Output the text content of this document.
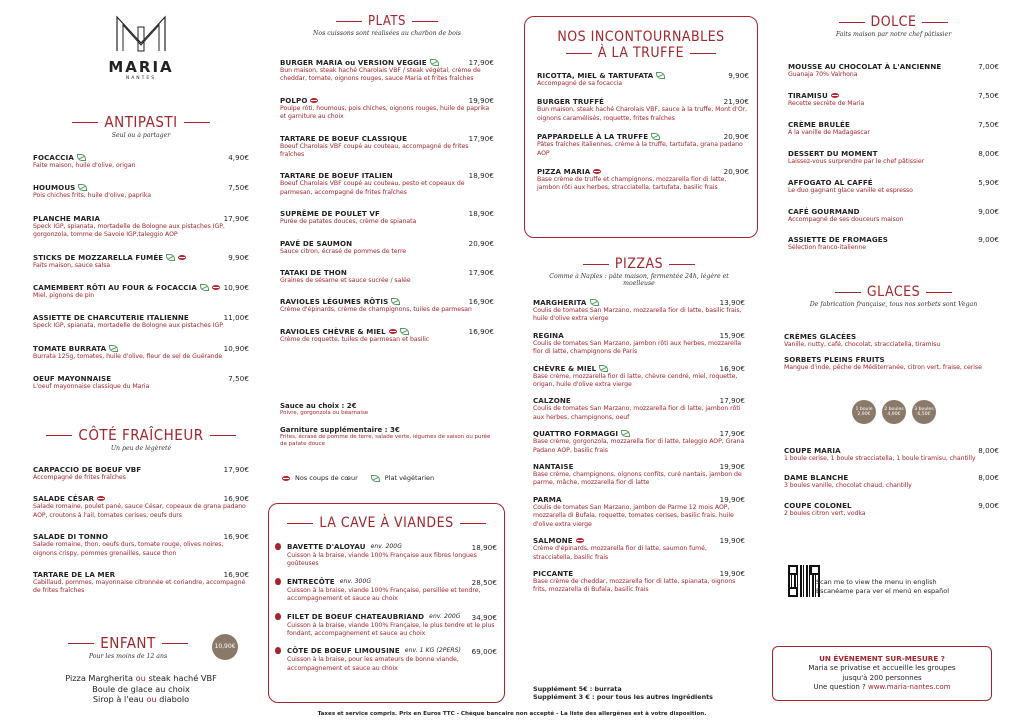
MARIA
NANTES
ANTIPASTI
Seul ou à partager
FOCACCIA	4,90€
Faite maison, huile d'olive, origan
HOUMOUS	7,50€
Pois chiches frits, huile d'olive, paprika
PLANCHE MARIA	17,90€
Speck IGP, spianata, mortadelle de Bologne aux pistaches IGP, gorgonzola, tomme de Savoie IGP,taleggio AOP
STICKS DE MOZZARELLA FUMÉE	9,90€
Faits maison, sauce salsa
CAMEMBERT RÔTI AU FOUR & FOCACCIA	10,90€
Miel, pignons de pin
ASSIETTE DE CHARCUTERIE ITALIENNE	11,00€
Speck IGP, spianata, mortadelle de Bologne aux pistaches IGP
TOMATE BURRATA	10,90€
Burrata 125g, tomates, huile d'olive, fleur de sel de Guérande
OEUF MAYONNAISE	7,50€
L'oeuf mayonnaise classique du Maria
CÔTÉ FRAÎCHEUR
Un peu de légèreté
CARPACCIO DE BOEUF VBF	17,90€
Accompagné de frites fraîches
SALADE CÉSAR	16,90€
Salade romaine, poulet pané, sauce César, copeaux de grana padano AOP, croutons à l'ail, tomates cerises, oeufs durs
SALADE DI TONNO	16,90€
Salade romaine, thon, oeufs durs, tomate rouge, olives noires, oignons crispy, pommes grenailles, sauce thon
TARTARE DE LA MER	16,90€
Cabillaud, pommes, mayonnaise citronnée et coriandre, accompagné de frites fraîches
ENFANT
Pour les moins de 12 ans
10,90€
Pizza Margherita ou steak haché VBF
Boule de glace au choix
Sirop à l'eau ou diabolo
PLATS
Nos cuissons sont réalisées au charbon de bois
BURGER MARIA ou VERSION VEGGIE	17,90€
Bun maison, steak haché Charolais VBF / steak végétal, crème de cheddar, tomate, oignons rouges, sauce Maria et frites fraîches
POLPO	19,90€
Poulpe rôti, houmous, pois chiches, oignons rouges, huile de paprika et garniture au choix
TARTARE DE BOEUF CLASSIQUE	17,90€
Boeuf Charolais VBF coupé au couteau, accompagné de frites fraîches
TARTARE DE BOEUF ITALIEN	18,90€
Boeuf Charolais VBF coupé au couteau, pesto et copeaux de parmesan, accompagné de frites fraîches
SUPRÊME DE POULET VF	18,90€
Purée de patates douces, crème de spianata
PAVÉ DE SAUMON	20,90€
Sauce citron, écrasé de pommes de terre
TATAKI DE THON	17,90€
Graines de sésame et sauce sucrée / salée
RAVIOLES LÉGUMES RÔTIS	16,90€
Crème d'épinards, crème de champignons, tuiles de parmesan
RAVIOLES CHÈVRE & MIEL	16,90€
Crème de roquette, tuiles de parmesan et basilic
Sauce au choix : 2€
Poivre, gorgonzola ou béarnaise
Garniture supplémentaire : 3€
Frites, écrasé de pomme de terre, salade verte, légumes de saison ou purée de patate douce
Nos coups de cœur	Plat végétarien
LA CAVE À VIANDES
BAVETTE D'ALOYAU env. 200G	18,90€
Cuisson à la braise, viande 100% Française aux fibres longues goûteuses
ENTRECÔTE env. 300G	28,50€
Cuisson à la braise, viande 100% Française, persillée et tendre, accompagnement et sauce au choix
FILET DE BOEUF CHATEAUBRIAND env. 200G 34,90€
Cuisson à la braise, viande 100% Française, le plus tendre et le plus fondant, accompagnement et sauce au choix
CÔTE DE BOEUF LIMOUSINE env. 1 KG (2PERS) 69,00€
Cuisson à la braise, pour les amateurs de bonne viande, accompagnement et sauce au choix
NOS INCONTOURNABLES
À LA TRUFFE
RICOTTA, MIEL & TARTUFATA	9,90€
Accompagné de sa focaccia
BURGER TRUFFÉ	21,90€
Bun maison, steak haché Charolais VBF, sauce à la truffe, Mont d'Or, oignons caramélisés, roquette, frites fraîches
PAPPARDELLE À LA TRUFFE	20,90€
Pâtes fraîches italiennes, crème à la truffe, tartufata, grana padano AOP
PIZZA MARIA	20,90€
Base crème de truffe et champignons, mozzarella fior di latte, jambon rôti aux herbes, stracciatella, tartufata, basilic frais
PIZZAS
Comme à Naples : pâte maison, fermentée 24h, légère et moelleuse
MARGHERITA	13,90€
Coulis de tomates San Marzano, mozzarella fior di latte, basilic frais, huile d'olive extra vierge
REGINA	15,90€
Coulis de tomates San Marzano, jambon rôti aux herbes, mozzarella fior di latte, champignons de Paris
CHÈVRE & MIEL	16,90€
Base crème, mozzarella fior di latte, chèvre cendré, miel, roquette, origan, huile d'olive extra vierge
CALZONE	17,90€
Coulis de tomates San Marzano, mozzarella fior di latte, jambon rôti aux herbes, champignons, oeuf
QUATTRO FORMAGGI	17,90€
Base crème, gorgonzola, mozzarella fior di latte, taleggio AOP, Grana Padano AOP, basilic frais
NANTAISE	19,90€
Base crème, champignons, oignons confits, curé nantais, jambon de parme, mâche, mozzarella fior di latte
PARMA	19,90€
Coulis de tomates San Marzano, jambon de Parme 12 mois AOP, mozzarella di Bufala, roquette, tomates cerises, basilic frais, huile d'olive extra vierge
SALMONE	19,90€
Crème d'épinards, mozzarella fior di latte, saumon fumé, stracciatella, basilic frais
PICCANTE	19,90€
Base crème de cheddar, mozzarella fior di latte, spianata, oignons frits, mozzarella di Bufala, basilic frais
Supplément 5€ : burrata
Supplément 3 € : pour tous les autres ingrédients
DOLCE
Faits maison par notre chef pâtissier
MOUSSE AU CHOCOLAT À L'ANCIENNE	7,00€
Guanaja 70% Valrhona
TIRAMISU	7,50€
Recette secrète de Maria
CRÈME BRULÉE	7,50€
À la vanille de Madagascar
DESSERT DU MOMENT	8,00€
Laissez-vous surprendre par le chef pâtissier
AFFOGATO AL CAFFÉ	5,90€
Le duo gagnant glace vanille et espresso
CAFÉ GOURMAND	9,00€
Accompagné de ses douceurs maison
ASSIETTE DE FROMAGES	9,00€
Sélection franco-italienne
GLACES
De fabrication française, tous nos sorbets sont Vegan
CRÈMES GLACÉES
Vanille, nutty, café, chocolat, stracciatella, tiramisu
SORBETS PLEINS FRUITS
Mangue d'inde, pêche de Méditerranée, citron vert, fraise, cerise
1 boule
2,90€
2 boules
4,90€
3 boules
6,50€
COUPE MARIA	8,00€
1 boule cerise, 1 boule stracciatella, 1 boule tiramisu, chantilly
DAME BLANCHE	8,00€
3 boules vanille, chocolat chaud, chantilly
COUPE COLONEL	9,00€
2 boules citron vert, vodka
Scan me to view the menu in english
Escanéame para ver el menú en español
UN ÉVÈNEMENT SUR-MESURE ?
Maria se privatise et accueille les groupes
jusqu'à 200 personnes
Une question ? www.maria-nantes.com
Taxes et service compris. Prix en Euros TTC - Chèque bancaire non accepté - La liste des allergènes est à votre disposition.
